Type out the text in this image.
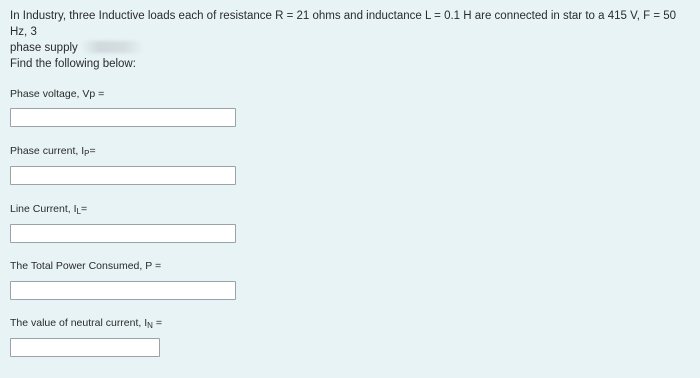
In Industry, three Inductive loads each of resistance R = 21 ohms and inductance L = 0.1 H are connected in star to a 415 V, F = 50 Hz, 3

phase supply

Find the following below:

Phase voltage, Vp =
Phase current, $I_P=$
Line Current, $I_L=$
The Total Power Consumed, P =
The value of neutral current, $I_N$ =
